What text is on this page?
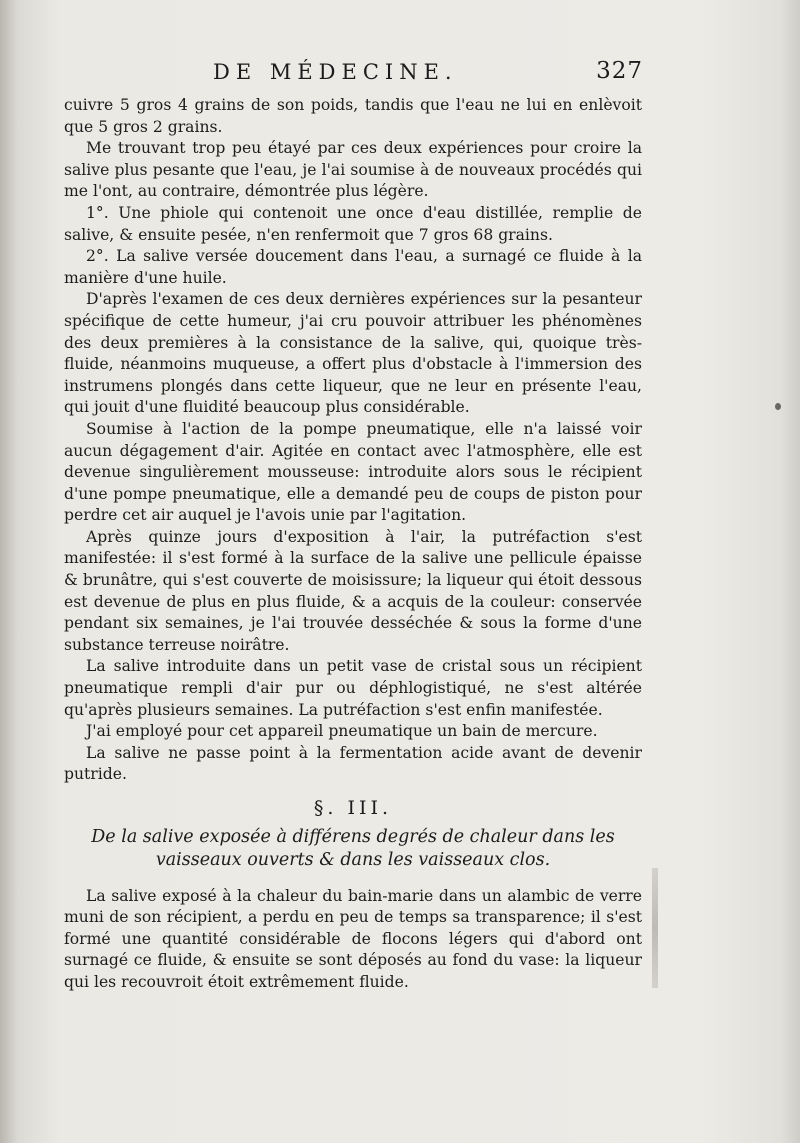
DE MÉDECINE.	327

cuivre 5 gros 4 grains de son poids, tandis que l'eau ne lui en enlèvoit que 5 gros 2 grains.

Me trouvant trop peu étayé par ces deux expériences pour croire la salive plus pesante que l'eau, je l'ai soumise à de nouveaux procédés qui me l'ont, au contraire, démontrée plus légère.

1°. Une phiole qui contenoit une once d'eau distillée, remplie de salive, & ensuite pesée, n'en renfermoit que 7 gros 68 grains.

2°. La salive versée doucement dans l'eau, a surnagé ce fluide à la manière d'une huile.

D'après l'examen de ces deux dernières expériences sur la pesanteur spécifique de cette humeur, j'ai cru pouvoir attribuer les phénomènes des deux premières à la consistance de la salive, qui, quoique très-fluide, néanmoins muqueuse, a offert plus d'obstacle à l'immersion des instrumens plongés dans cette liqueur, que ne leur en présente l'eau, qui jouit d'une fluidité beaucoup plus considérable.

Soumise à l'action de la pompe pneumatique, elle n'a laissé voir aucun dégagement d'air. Agitée en contact avec l'atmosphère, elle est devenue singulièrement mousseuse: introduite alors sous le récipient d'une pompe pneumatique, elle a demandé peu de coups de piston pour perdre cet air auquel je l'avois unie par l'agitation.

Après quinze jours d'exposition à l'air, la putréfaction s'est manifestée: il s'est formé à la surface de la salive une pellicule épaisse & brunâtre, qui s'est couverte de moisissure; la liqueur qui étoit dessous est devenue de plus en plus fluide, & a acquis de la couleur: conservée pendant six semaines, je l'ai trouvée desséchée & sous la forme d'une substance terreuse noirâtre.

La salive introduite dans un petit vase de cristal sous un récipient pneumatique rempli d'air pur ou déphlogistiqué, ne s'est altérée qu'après plusieurs semaines. La putréfaction s'est enfin manifestée.

J'ai employé pour cet appareil pneumatique un bain de mercure.

La salive ne passe point à la fermentation acide avant de devenir putride.

§. III.
De la salive exposée à différens degrés de chaleur dans les vaisseaux ouverts & dans les vaisseaux clos.

La salive exposé à la chaleur du bain-marie dans un alambic de verre muni de son récipient, a perdu en peu de temps sa transparence; il s'est formé une quantité considérable de flocons légers qui d'abord ont surnagé ce fluide, & ensuite se sont déposés au fond du vase: la liqueur qui les recouvroit étoit extrêmement fluide.
